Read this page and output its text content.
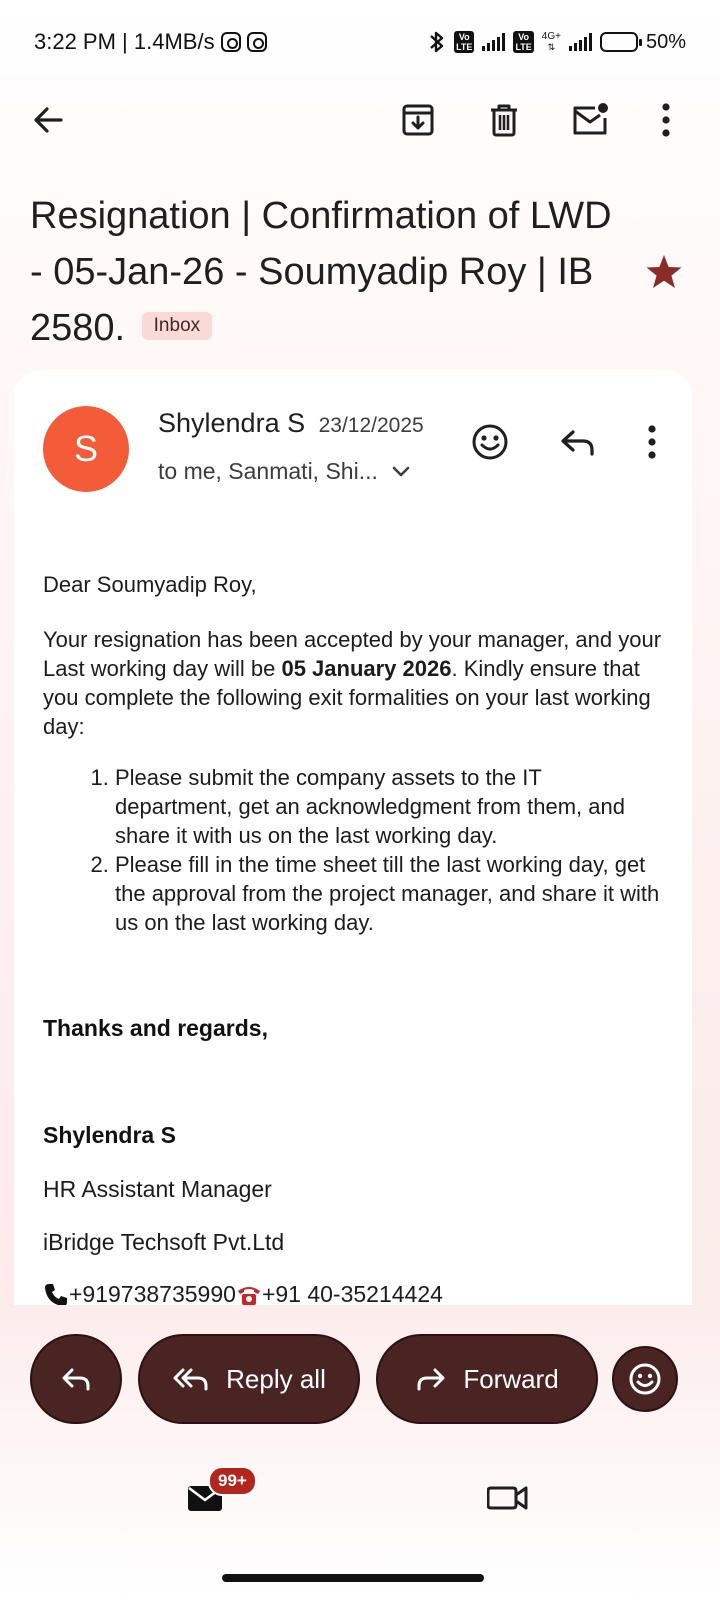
3:22 PM | 1.4MB/s	Vo
LTE
Vo
LTE
4G+
⇅	50%
Resignation | Confirmation of LWD - 05-Jan-26 - Soumyadip Roy | IB 2580. Inbox
S
Shylendra S 23/12/2025
to me, Sanmati, Shi...

Dear Soumyadip Roy,

Your resignation has been accepted by your manager, and your Last working day will be 05 January 2026. Kindly ensure that you complete the following exit formalities on your last working day:

1. Please submit the company assets to the IT department, get an acknowledgment from them, and share it with us on the last working day.
2. Please fill in the time sheet till the last working day, get the approval from the project manager, and share it with us on the last working day.
Thanks and regards,
Shylendra S
HR Assistant Manager
iBridge Techsoft Pvt.Ltd
+919738735990 +91 40-35214424
Reply all	Forward
99+
